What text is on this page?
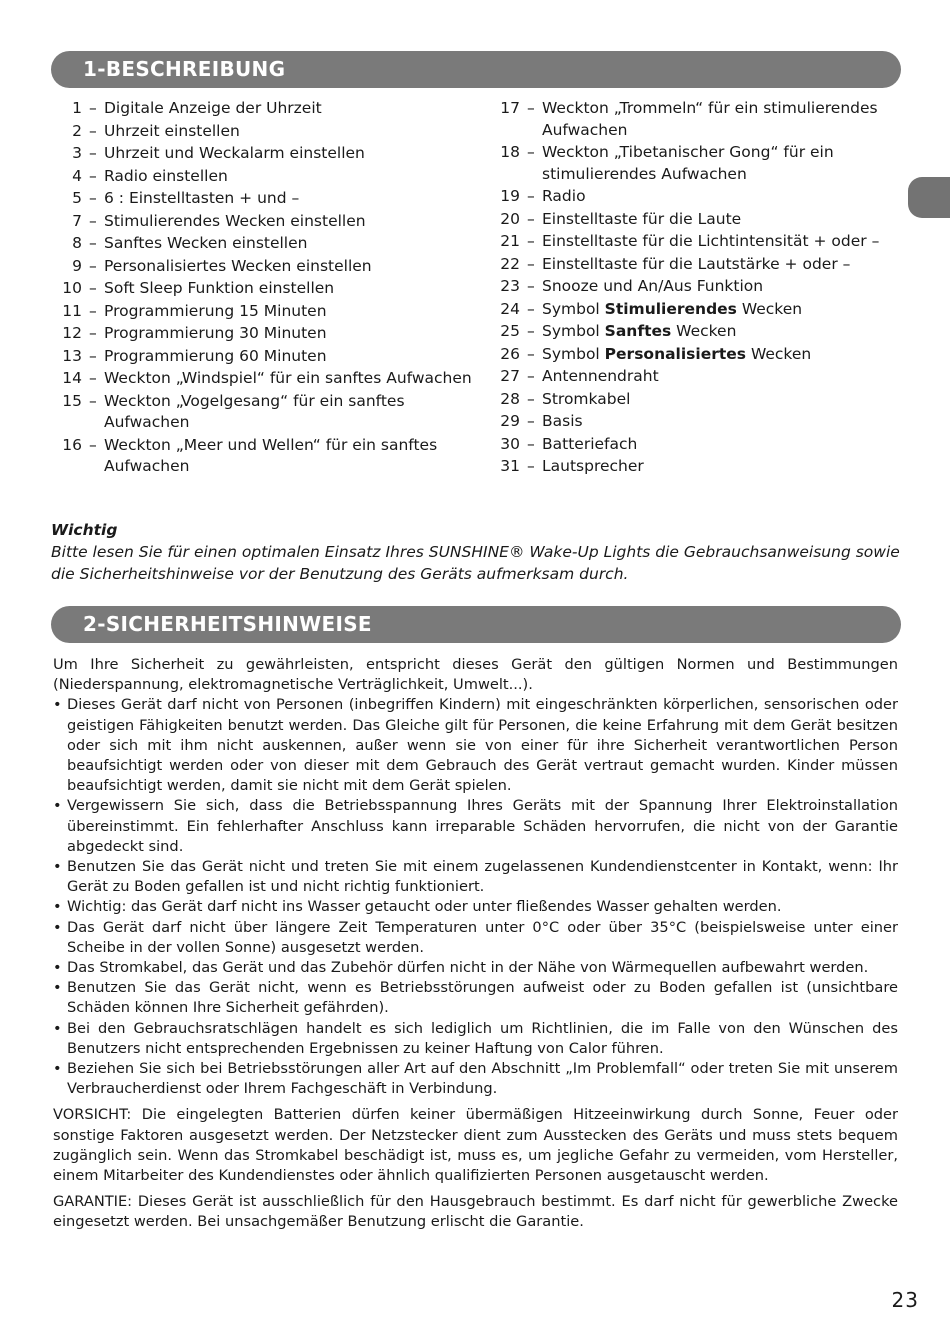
1-BESCHREIBUNG
1 – Digitale Anzeige der Uhrzeit
2 – Uhrzeit einstellen
3 – Uhrzeit und Weckalarm einstellen
4 – Radio einstellen
5 – 6 : Einstelltasten + und –
7 – Stimulierendes Wecken einstellen
8 – Sanftes Wecken einstellen
9 – Personalisiertes Wecken einstellen
10 – Soft Sleep Funktion einstellen
11 – Programmierung 15 Minuten
12 – Programmierung 30 Minuten
13 – Programmierung 60 Minuten
14 – Weckton „Windspiel“ für ein sanftes Aufwachen
15 – Weckton „Vogelgesang“ für ein sanftes Aufwachen
16 – Weckton „Meer und Wellen“ für ein sanftes Aufwachen
17 – Weckton „Trommeln“ für ein stimulierendes Aufwachen
18 – Weckton „Tibetanischer Gong“ für ein stimulierendes Aufwachen
19 – Radio
20 – Einstelltaste für die Laute
21 – Einstelltaste für die Lichtintensität + oder –
22 – Einstelltaste für die Lautstärke + oder –
23 – Snooze und An/Aus Funktion
24 – Symbol Stimulierendes Wecken
25 – Symbol Sanftes Wecken
26 – Symbol Personalisiertes Wecken
27 – Antennendraht
28 – Stromkabel
29 – Basis
30 – Batteriefach
31 – Lautsprecher
Wichtig
Bitte lesen Sie für einen optimalen Einsatz Ihres SUNSHINE® Wake-Up Lights die Gebrauchsanweisung sowie die Sicherheitshinweise vor der Benutzung des Geräts aufmerksam durch.
2-SICHERHEITSHINWEISE

Um Ihre Sicherheit zu gewährleisten, entspricht dieses Gerät den gültigen Normen und Bestimmungen (Niederspannung, elektromagnetische Verträglichkeit, Umwelt...).

• Dieses Gerät darf nicht von Personen (inbegriffen Kindern) mit eingeschränkten körperlichen, sensorischen oder geistigen Fähigkeiten benutzt werden. Das Gleiche gilt für Personen, die keine Erfahrung mit dem Gerät besitzen oder sich mit ihm nicht auskennen, außer wenn sie von einer für ihre Sicherheit verantwortlichen Person beaufsichtigt werden oder von dieser mit dem Gebrauch des Gerät vertraut gemacht wurden. Kinder müssen beaufsichtigt werden, damit sie nicht mit dem Gerät spielen.
• Vergewissern Sie sich, dass die Betriebsspannung Ihres Geräts mit der Spannung Ihrer Elektroinstallation übereinstimmt. Ein fehlerhafter Anschluss kann irreparable Schäden hervorrufen, die nicht von der Garantie abgedeckt sind.
• Benutzen Sie das Gerät nicht und treten Sie mit einem zugelassenen Kundendienstcenter in Kontakt, wenn: Ihr Gerät zu Boden gefallen ist und nicht richtig funktioniert.
• Wichtig: das Gerät darf nicht ins Wasser getaucht oder unter fließendes Wasser gehalten werden.
• Das Gerät darf nicht über längere Zeit Temperaturen unter 0°C oder über 35°C (beispielsweise unter einer Scheibe in der vollen Sonne) ausgesetzt werden.
• Das Stromkabel, das Gerät und das Zubehör dürfen nicht in der Nähe von Wärmequellen aufbewahrt werden.
• Benutzen Sie das Gerät nicht, wenn es Betriebsstörungen aufweist oder zu Boden gefallen ist (unsichtbare Schäden können Ihre Sicherheit gefährden).
• Bei den Gebrauchsratschlägen handelt es sich lediglich um Richtlinien, die im Falle von den Wünschen des Benutzers nicht entsprechenden Ergebnissen zu keiner Haftung von Calor führen.
• Beziehen Sie sich bei Betriebsstörungen aller Art auf den Abschnitt „Im Problemfall“ oder treten Sie mit unserem Verbraucherdienst oder Ihrem Fachgeschäft in Verbindung.

VORSICHT: Die eingelegten Batterien dürfen keiner übermäßigen Hitzeeinwirkung durch Sonne, Feuer oder sonstige Faktoren ausgesetzt werden. Der Netzstecker dient zum Ausstecken des Geräts und muss stets bequem zugänglich sein. Wenn das Stromkabel beschädigt ist, muss es, um jegliche Gefahr zu vermeiden, vom Hersteller, einem Mitarbeiter des Kundendienstes oder ähnlich qualifizierten Personen ausgetauscht werden.

GARANTIE: Dieses Gerät ist ausschließlich für den Hausgebrauch bestimmt. Es darf nicht für gewerbliche Zwecke eingesetzt werden. Bei unsachgemäßer Benutzung erlischt die Garantie.

23
